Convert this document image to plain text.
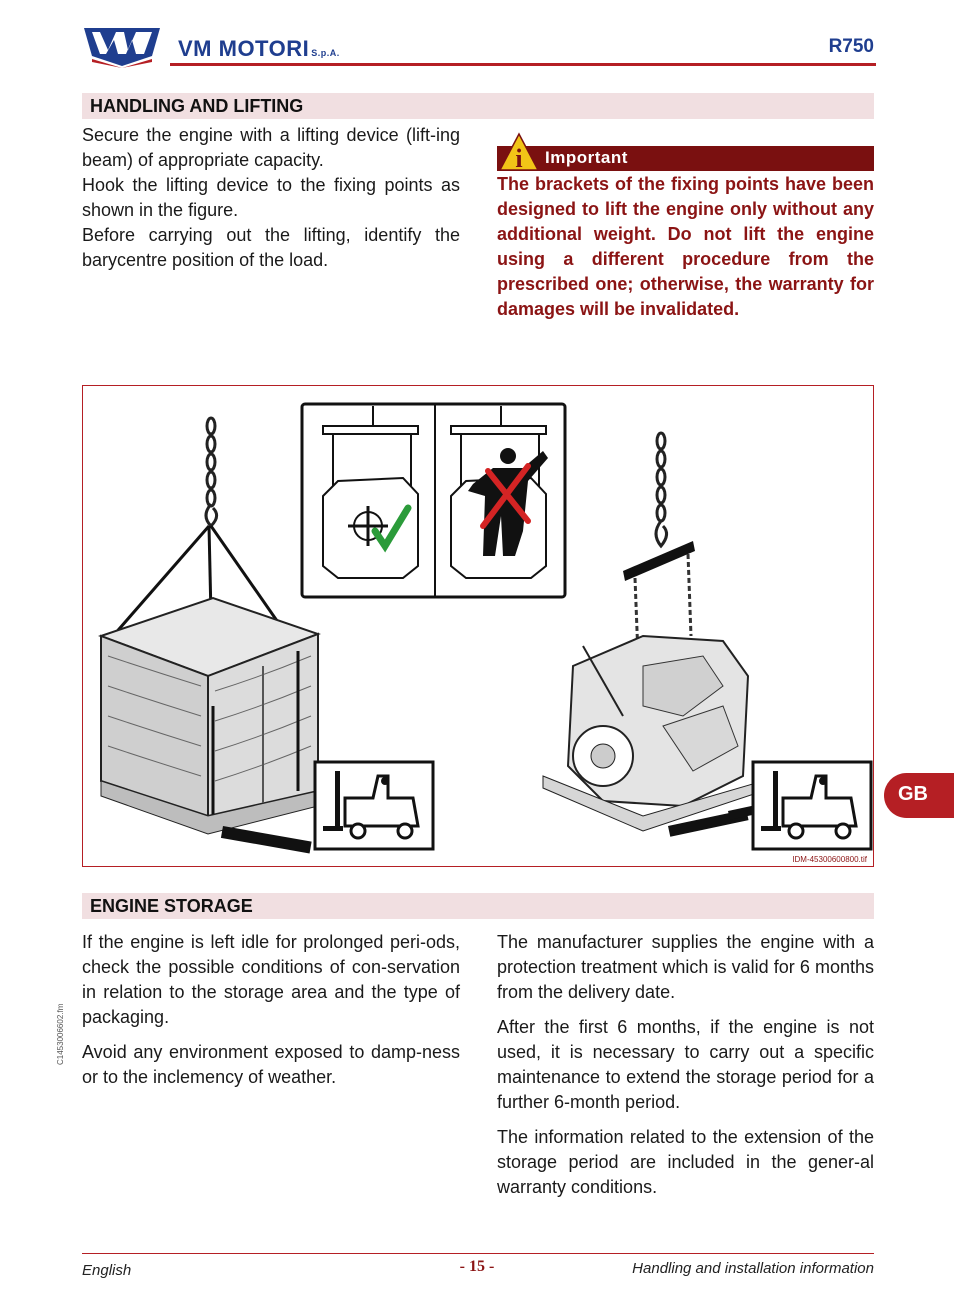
VM MOTORI S.p.A.	R750
HANDLING AND LIFTING
Secure the engine with a lifting device (lift-ing beam) of appropriate capacity.
Hook the lifting device to the fixing points as shown in the figure.
Before carrying out the lifting, identify the barycentre position of the load.
Important
i
The brackets of the fixing points have been designed to lift the engine only without any additional weight. Do not lift the engine using a different procedure from the prescribed one; otherwise, the warranty for damages will be invalidated.
IDM-45300600800.tif
ENGINE STORAGE
If the engine is left idle for prolonged peri-ods, check the possible conditions of con-servation in relation to the storage area and the type of packaging.
Avoid any environment exposed to damp-ness or to the inclemency of weather.
The manufacturer supplies the engine with a protection treatment which is valid for 6 months from the delivery date.
After the first 6 months, if the engine is not used, it is necessary to carry out a specific maintenance to extend the storage period for a further 6-month period.
The information related to the extension of the storage period are included in the gener-al warranty conditions.
GB
C1453006602.fm
English	- 15 -	Handling and installation information
